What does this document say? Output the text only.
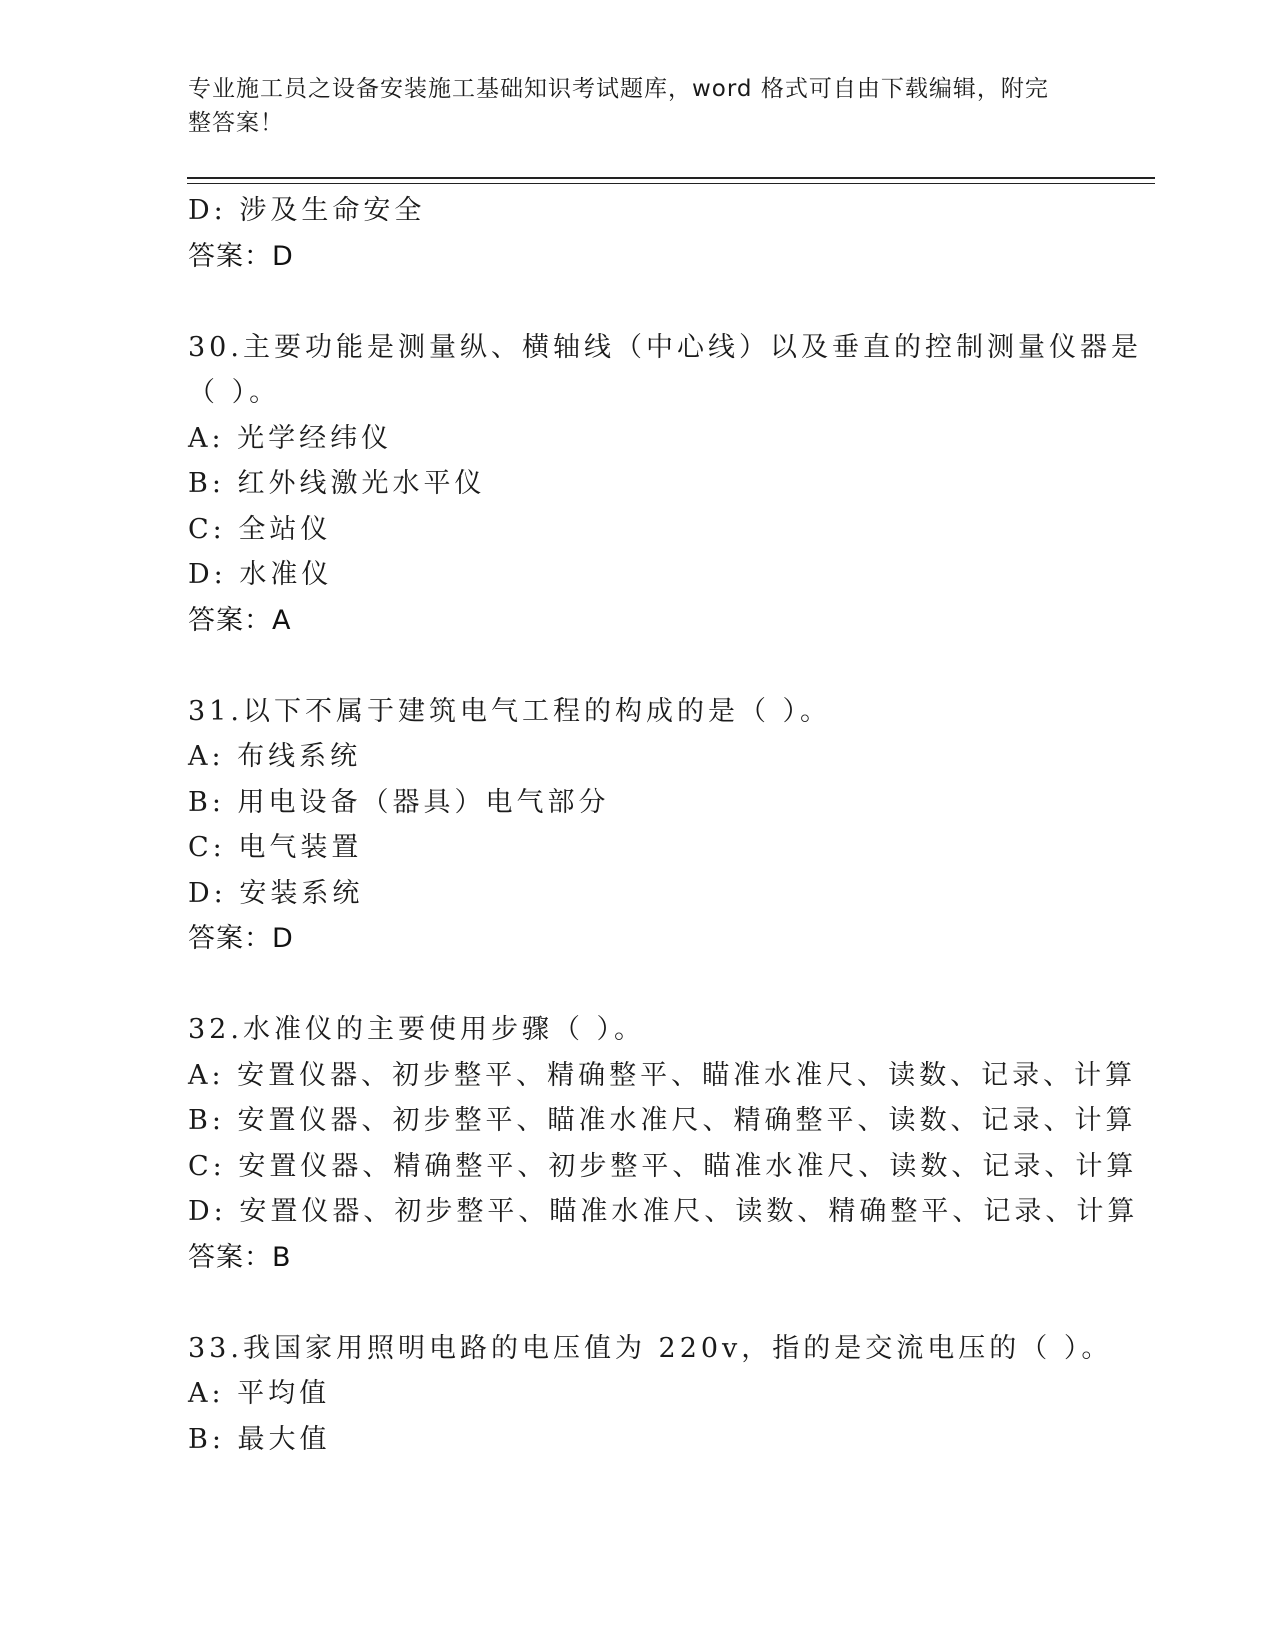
专业施工员之设备安装施工基础知识考试题库，word 格式可自由下载编辑，附完
整答案！
D: 涉及生命安全
答案：D
30.主要功能是测量纵、横轴线（中心线）以及垂直的控制测量仪器是
（ ）。
A: 光学经纬仪
B: 红外线激光水平仪
C: 全站仪
D: 水准仪
答案：A
31.以下不属于建筑电气工程的构成的是（ ）。
A: 布线系统
B: 用电设备（器具）电气部分
C: 电气装置
D: 安装系统
答案：D
32.水准仪的主要使用步骤（ ）。
A: 安置仪器、初步整平、精确整平、瞄准水准尺、读数、记录、计算
B: 安置仪器、初步整平、瞄准水准尺、精确整平、读数、记录、计算
C: 安置仪器、精确整平、初步整平、瞄准水准尺、读数、记录、计算
D: 安置仪器、初步整平、瞄准水准尺、读数、精确整平、记录、计算
答案：B
33.我国家用照明电路的电压值为 220v，指的是交流电压的（ ）。
A: 平均值
B: 最大值
